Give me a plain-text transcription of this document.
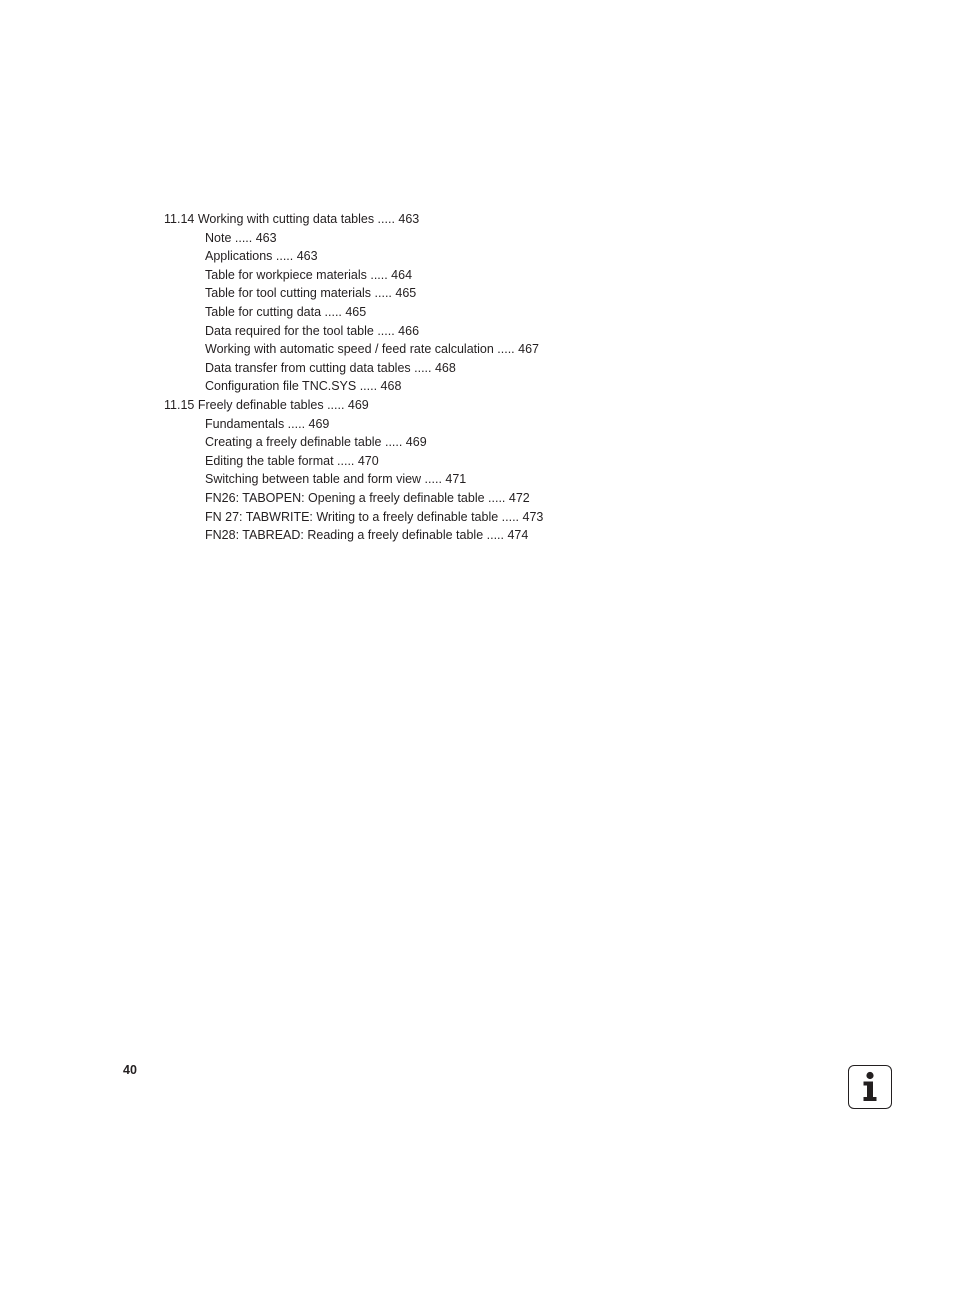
11.14 Working with cutting data tables ..... 463
Note ..... 463
Applications ..... 463
Table for workpiece materials ..... 464
Table for tool cutting materials ..... 465
Table for cutting data ..... 465
Data required for the tool table ..... 466
Working with automatic speed / feed rate calculation ..... 467
Data transfer from cutting data tables ..... 468
Configuration file TNC.SYS ..... 468
11.15 Freely definable tables ..... 469
Fundamentals ..... 469
Creating a freely definable table ..... 469
Editing the table format ..... 470
Switching between table and form view ..... 471
FN26: TABOPEN: Opening a freely definable table ..... 472
FN 27: TABWRITE: Writing to a freely definable table ..... 473
FN28: TABREAD: Reading a freely definable table ..... 474
40
